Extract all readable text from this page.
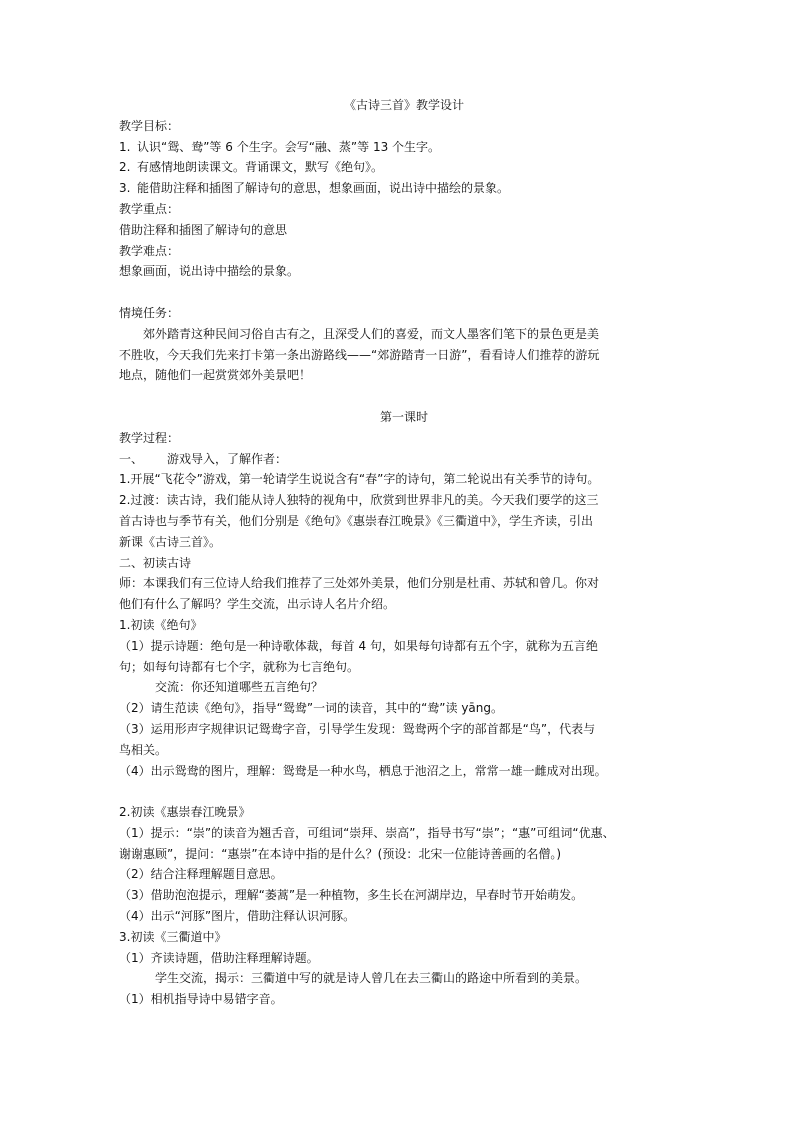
《古诗三首》教学设计
教学目标：
1. 认识“鸳、鸯”等 6 个生字。会写“融、蒸”等 13 个生字。
2. 有感情地朗读课文。背诵课文，默写《绝句》。
3. 能借助注释和插图了解诗句的意思，想象画面，说出诗中描绘的景象。
教学重点：
借助注释和插图了解诗句的意思
教学难点：
想象画面，说出诗中描绘的景象。
情境任务：
郊外踏青这种民间习俗自古有之，且深受人们的喜爱，而文人墨客们笔下的景色更是美
不胜收，今天我们先来打卡第一条出游路线——“郊游踏青一日游”，看看诗人们推荐的游玩
地点，随他们一起赏赏郊外美景吧！
第一课时
教学过程：
一、 游戏导入，了解作者：
1.开展“飞花令”游戏，第一轮请学生说说含有“春”字的诗句，第二轮说出有关季节的诗句。
2.过渡：读古诗，我们能从诗人独特的视角中，欣赏到世界非凡的美。今天我们要学的这三
首古诗也与季节有关，他们分别是《绝句》《惠崇春江晚景》《三衢道中》，学生齐读，引出
新课《古诗三首》。
二、初读古诗
师：本课我们有三位诗人给我们推荐了三处郊外美景，他们分别是杜甫、苏轼和曾几。你对
他们有什么了解吗？学生交流，出示诗人名片介绍。
1.初读《绝句》
（1）提示诗题：绝句是一种诗歌体裁，每首 4 句，如果每句诗都有五个字，就称为五言绝
句；如每句诗都有七个字，就称为七言绝句。
交流：你还知道哪些五言绝句？
（2）请生范读《绝句》，指导“鸳鸯”一词的读音，其中的“鸯”读 yāng。
（3）运用形声字规律识记鸳鸯字音，引导学生发现：鸳鸯两个字的部首都是“鸟”，代表与
鸟相关。
（4）出示鸳鸯的图片，理解：鸳鸯是一种水鸟，栖息于池沼之上，常常一雄一雌成对出现。
2.初读《惠崇春江晚景》
（1）提示：“崇”的读音为翘舌音，可组词“崇拜、崇高”，指导书写“崇”；“惠”可组词“优惠、
谢谢惠顾”，提问：“惠崇”在本诗中指的是什么？(预设：北宋一位能诗善画的名僧。)
（2）结合注释理解题目意思。
（3）借助泡泡提示，理解“萎蒿”是一种植物，多生长在河湖岸边，早春时节开始萌发。
（4）出示“河豚”图片，借助注释认识河豚。
3.初读《三衢道中》
（1）齐读诗题，借助注释理解诗题。
学生交流，揭示：三衢道中写的就是诗人曾几在去三衢山的路途中所看到的美景。
（1）相机指导诗中易错字音。
